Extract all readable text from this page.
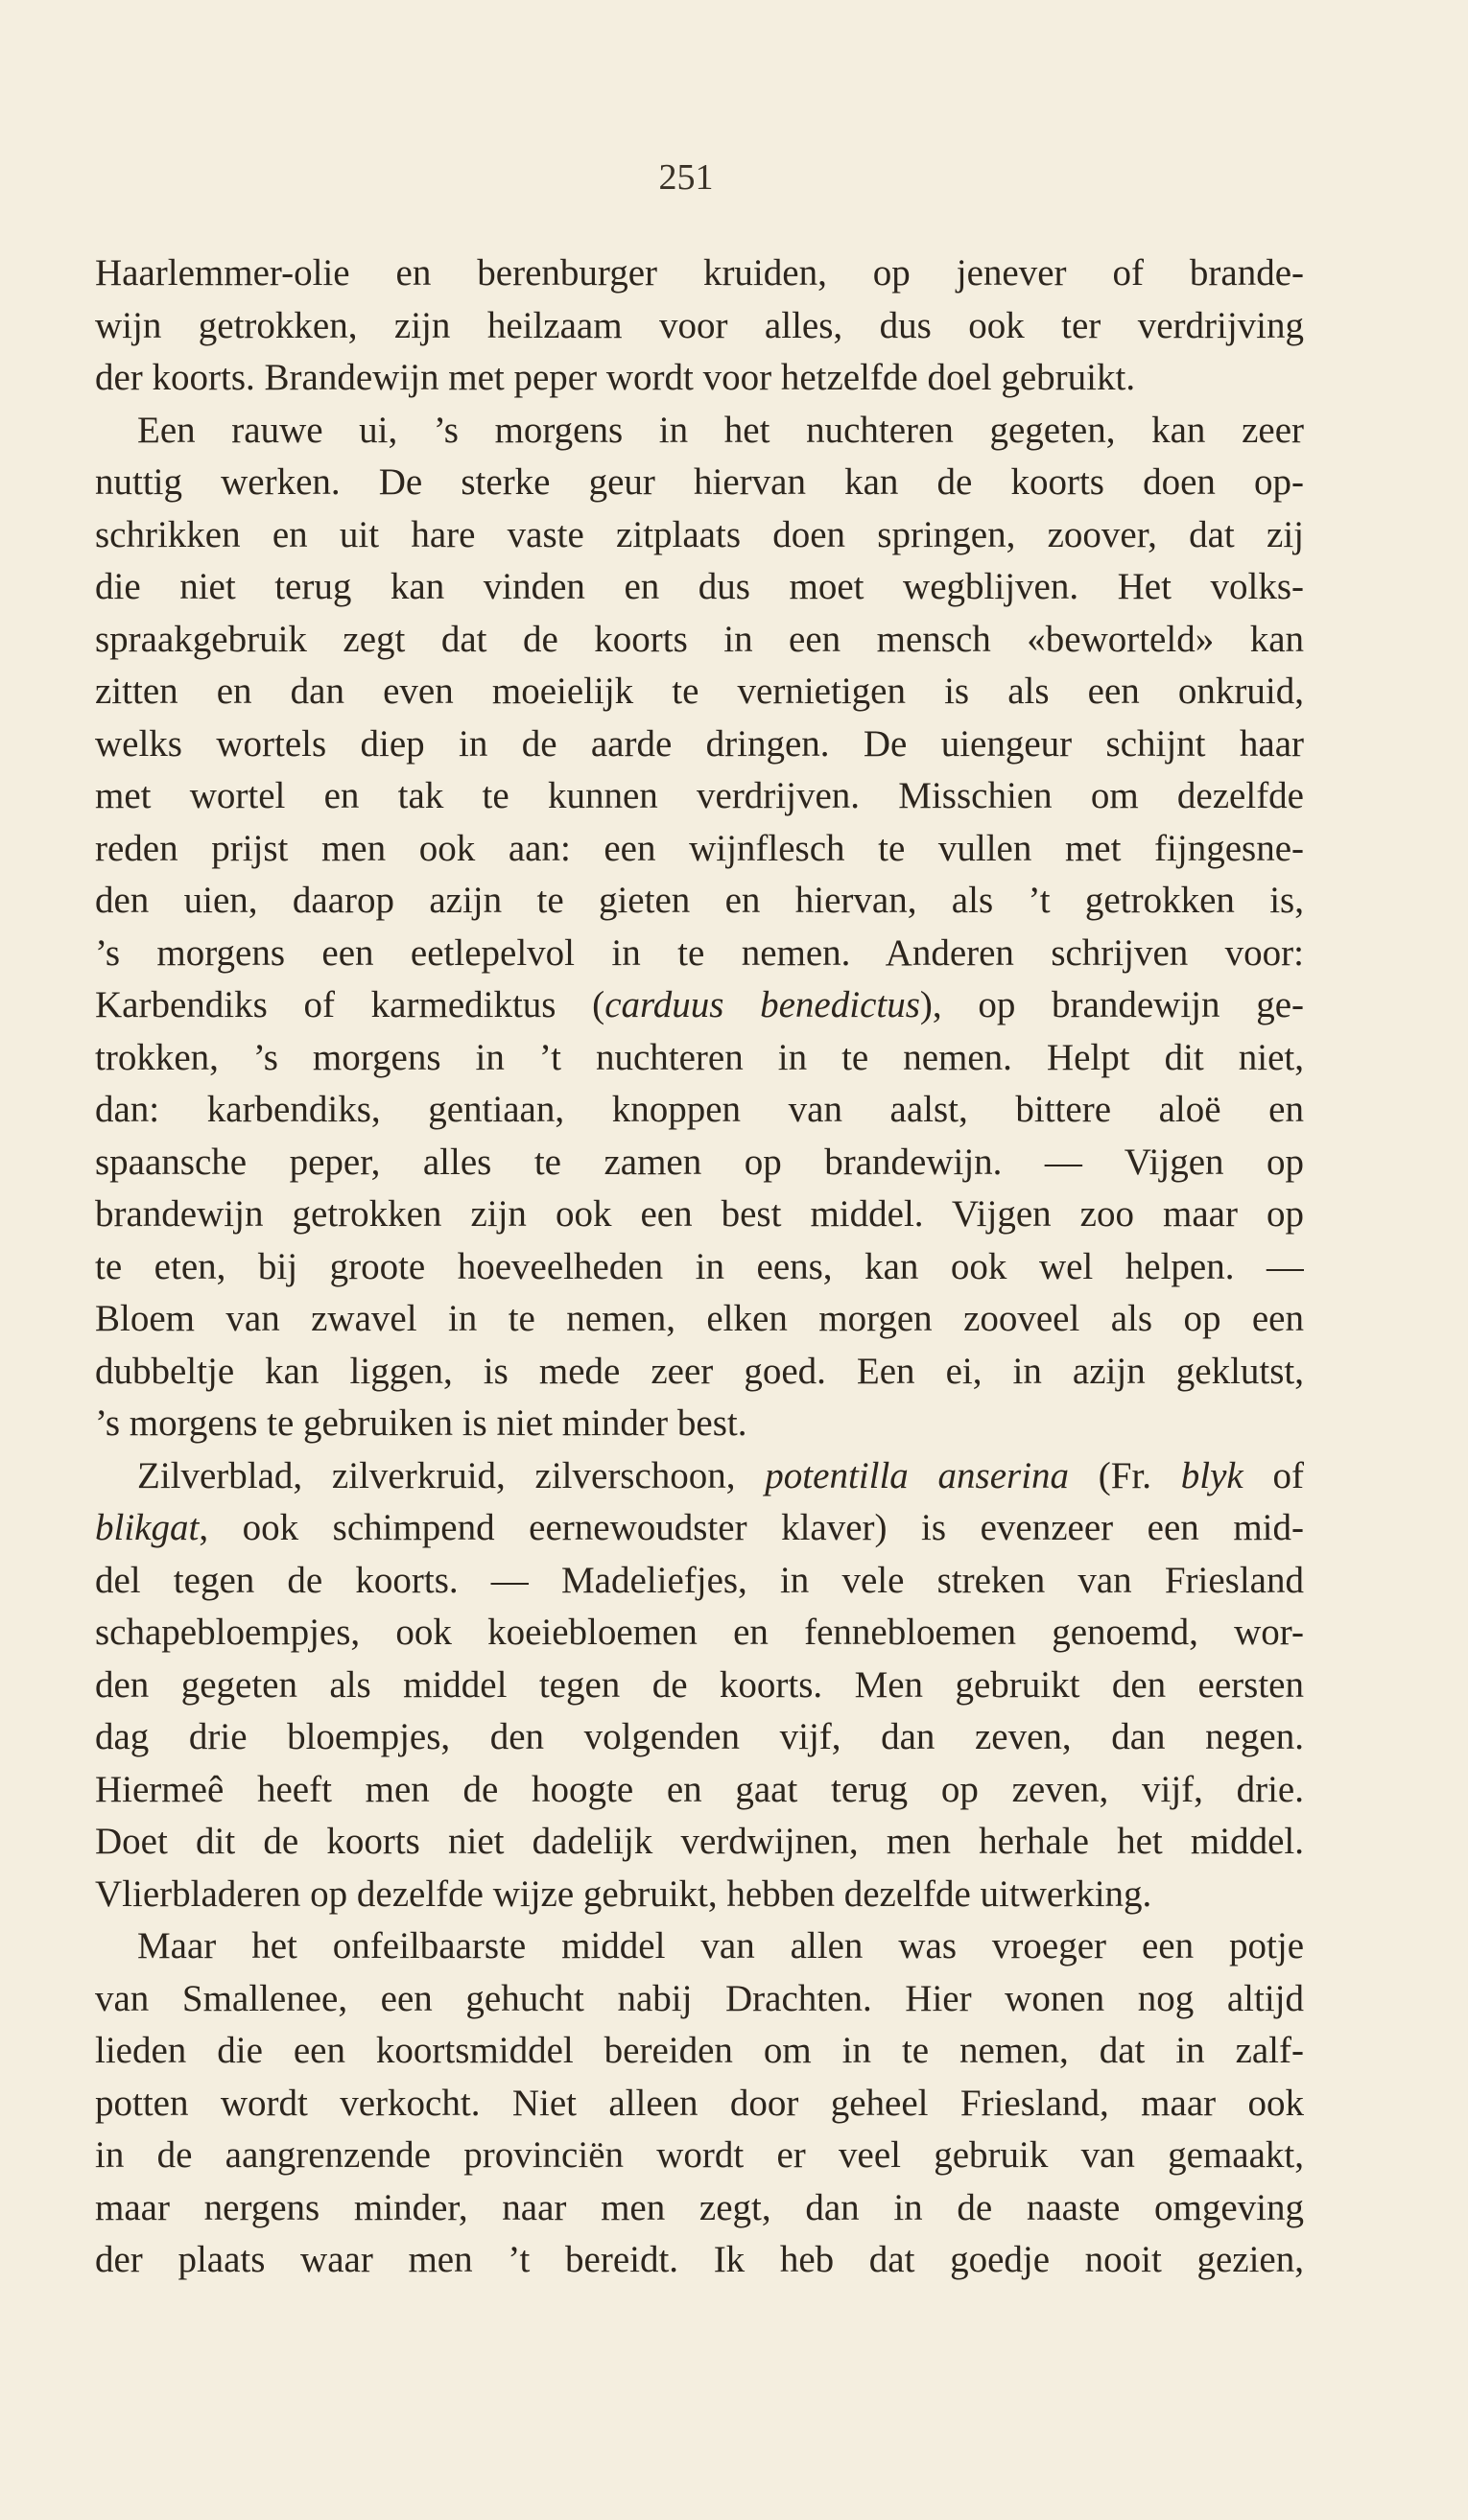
251
Haarlemmer-olie en berenburger kruiden, op jenever of brande-
wijn getrokken, zijn heilzaam voor alles, dus ook ter verdrijving
der koorts. Brandewijn met peper wordt voor hetzelfde doel gebruikt.
Een rauwe ui, ’s morgens in het nuchteren gegeten, kan zeer
nuttig werken. De sterke geur hiervan kan de koorts doen op-
schrikken en uit hare vaste zitplaats doen springen, zoover, dat zij
die niet terug kan vinden en dus moet wegblijven. Het volks-
spraakgebruik zegt dat de koorts in een mensch «beworteld» kan
zitten en dan even moeielijk te vernietigen is als een onkruid,
welks wortels diep in de aarde dringen. De uiengeur schijnt haar
met wortel en tak te kunnen verdrijven. Misschien om dezelfde
reden prijst men ook aan: een wijnflesch te vullen met fijngesne-
den uien, daarop azijn te gieten en hiervan, als ’t getrokken is,
’s morgens een eetlepelvol in te nemen. Anderen schrijven voor:
Karbendiks of karmediktus (carduus benedictus), op brandewijn ge-
trokken, ’s morgens in ’t nuchteren in te nemen. Helpt dit niet,
dan: karbendiks, gentiaan, knoppen van aalst, bittere aloë en
spaansche peper, alles te zamen op brandewijn. — Vijgen op
brandewijn getrokken zijn ook een best middel. Vijgen zoo maar op
te eten, bij groote hoeveelheden in eens, kan ook wel helpen. —
Bloem van zwavel in te nemen, elken morgen zooveel als op een
dubbeltje kan liggen, is mede zeer goed. Een ei, in azijn geklutst,
’s morgens te gebruiken is niet minder best.
Zilverblad, zilverkruid, zilverschoon, potentilla anserina (Fr. blyk of
blikgat, ook schimpend eernewoudster klaver) is evenzeer een mid-
del tegen de koorts. — Madeliefjes, in vele streken van Friesland
schapebloempjes, ook koeiebloemen en fennebloemen genoemd, wor-
den gegeten als middel tegen de koorts. Men gebruikt den eersten
dag drie bloempjes, den volgenden vijf, dan zeven, dan negen.
Hiermeê heeft men de hoogte en gaat terug op zeven, vijf, drie.
Doet dit de koorts niet dadelijk verdwijnen, men herhale het middel.
Vlierbladeren op dezelfde wijze gebruikt, hebben dezelfde uitwerking.
Maar het onfeilbaarste middel van allen was vroeger een potje
van Smallenee, een gehucht nabij Drachten. Hier wonen nog altijd
lieden die een koortsmiddel bereiden om in te nemen, dat in zalf-
potten wordt verkocht. Niet alleen door geheel Friesland, maar ook
in de aangrenzende provinciën wordt er veel gebruik van gemaakt,
maar nergens minder, naar men zegt, dan in de naaste omgeving
der plaats waar men ’t bereidt. Ik heb dat goedje nooit gezien,
